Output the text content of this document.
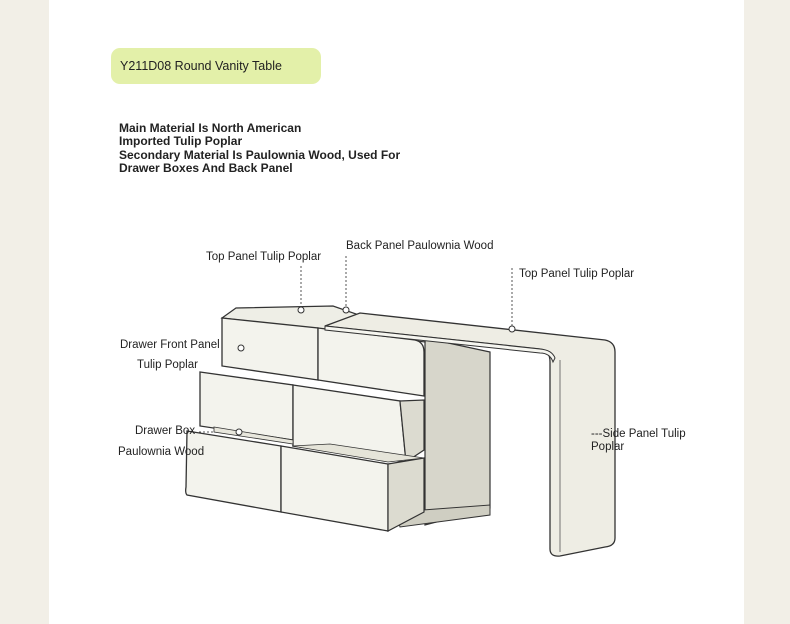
Y211D08 Round Vanity Table
Main Material Is North American
Imported Tulip Poplar
Secondary Material Is Paulownia Wood, Used For
Drawer Boxes And Back Panel
Top Panel Tulip Poplar
Back Panel Paulownia Wood
Top Panel Tulip Poplar
Drawer Front Panel
Tulip Poplar
Drawer Box
Paulownia Wood
---Side Panel Tulip
Poplar
